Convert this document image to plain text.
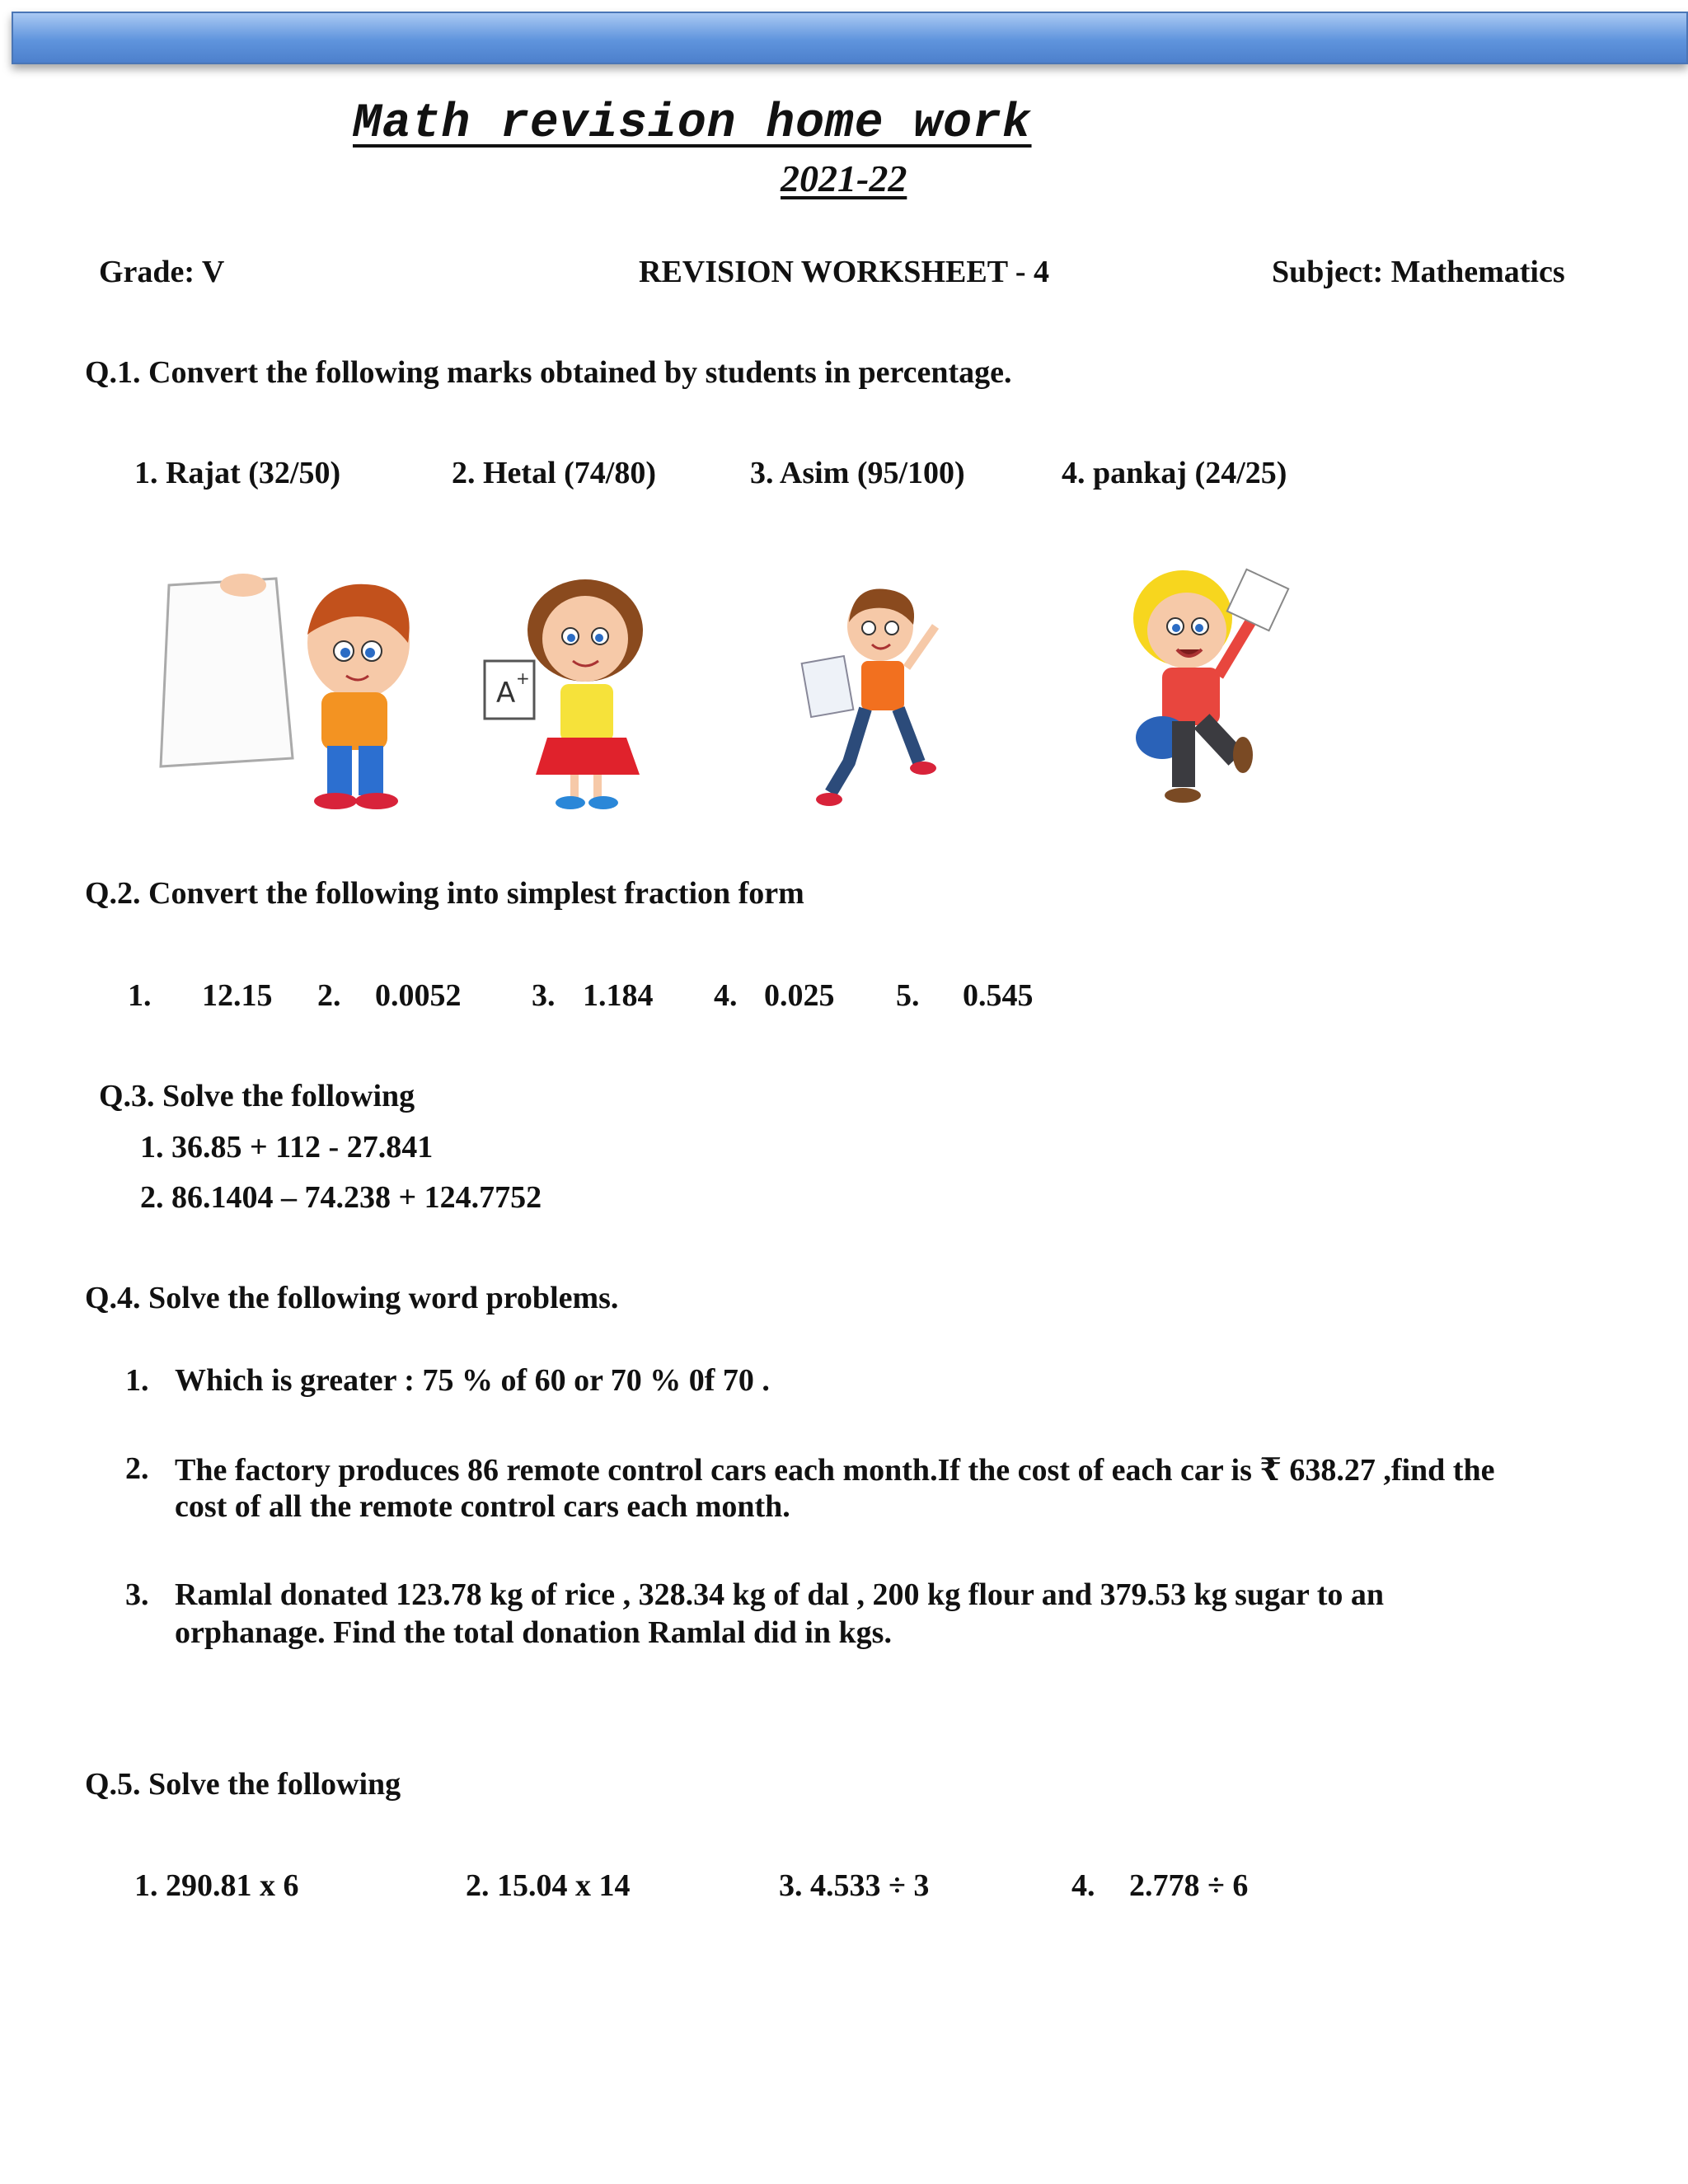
Math revision home work
2021-22
Grade: V	REVISION WORKSHEET - 4	Subject: Mathematics
Q.1. Convert the following marks obtained by students in percentage.
1. Rajat (32/50)	2. Hetal (74/80)	3. Asim (95/100)	4. pankaj (24/25)
A +
Q.2. Convert the following into simplest fraction form
1. 12.15 2. 0.0052 3. 1.184 4. 0.025 5. 0.545
Q.3. Solve the following
1. 36.85 + 112 - 27.841
2. 86.1404 – 74.238 + 124.7752
Q.4. Solve the following word problems.
1. Which is greater : 75 % of 60 or 70 % 0f 70 .
2. The factory produces 86 remote control cars each month.If the cost of each car is ₹ 638.27 ,find the
cost of all the remote control cars each month.
3. Ramlal donated 123.78 kg of rice , 328.34 kg of dal , 200 kg flour and 379.53 kg sugar to an
orphanage. Find the total donation Ramlal did in kgs.
Q.5. Solve the following
1. 290.81 x 6	2. 15.04 x 14	3. 4.533 ÷ 3	4. 2.778 ÷ 6
